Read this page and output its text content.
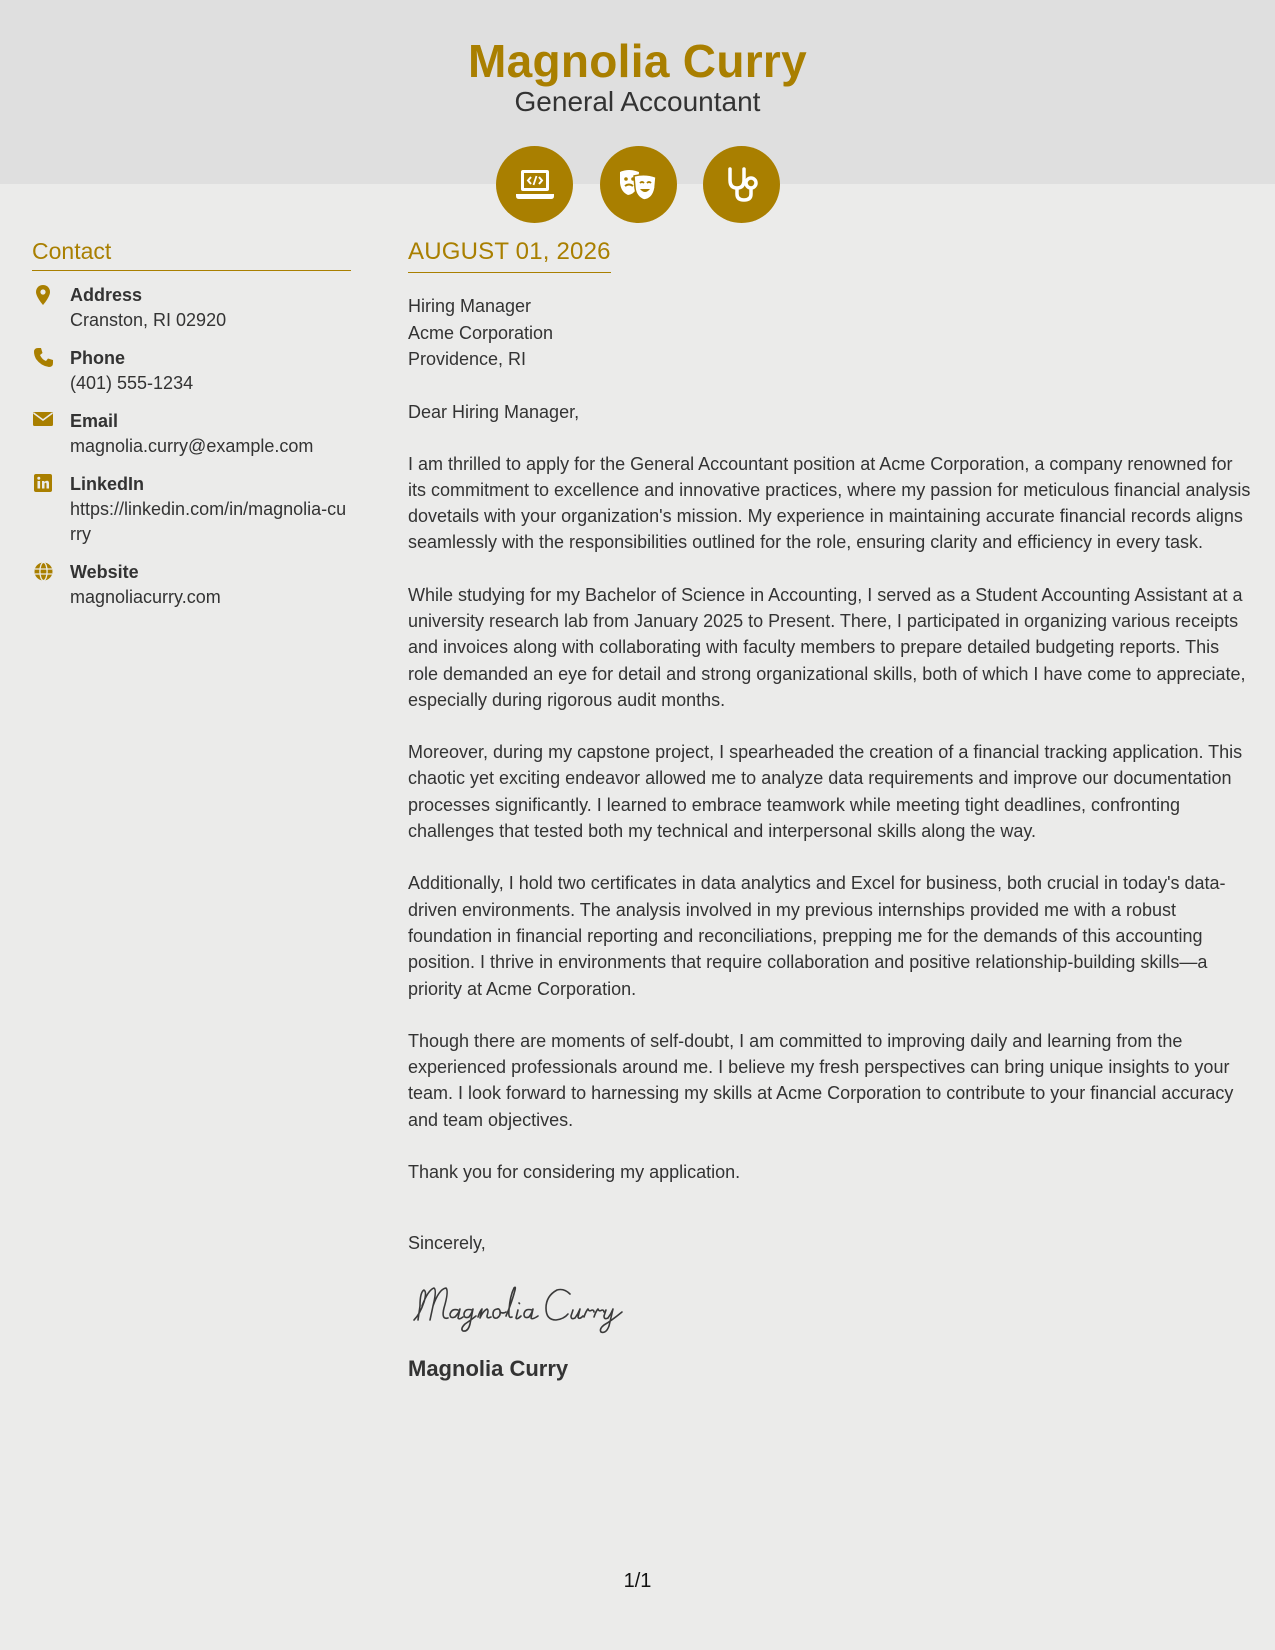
Magnolia Curry
General Accountant
Contact
Address
Cranston, RI 02920
Phone
(401) 555-1234
Email
magnolia.curry@example.com
LinkedIn
https://linkedin.com/in/magnolia-curry
Website
magnoliacurry.com
AUGUST 01, 2026
Hiring Manager
Acme Corporation
Providence, RI
Dear Hiring Manager,
I am thrilled to apply for the General Accountant position at Acme Corporation, a company renowned for its commitment to excellence and innovative practices, where my passion for meticulous financial analysis dovetails with your organization's mission. My experience in maintaining accurate financial records aligns seamlessly with the responsibilities outlined for the role, ensuring clarity and efficiency in every task.
While studying for my Bachelor of Science in Accounting, I served as a Student Accounting Assistant at a university research lab from January 2025 to Present. There, I participated in organizing various receipts and invoices along with collaborating with faculty members to prepare detailed budgeting reports. This role demanded an eye for detail and strong organizational skills, both of which I have come to appreciate, especially during rigorous audit months.
Moreover, during my capstone project, I spearheaded the creation of a financial tracking application. This chaotic yet exciting endeavor allowed me to analyze data requirements and improve our documentation processes significantly. I learned to embrace teamwork while meeting tight deadlines, confronting challenges that tested both my technical and interpersonal skills along the way.
Additionally, I hold two certificates in data analytics and Excel for business, both crucial in today's data-driven environments. The analysis involved in my previous internships provided me with a robust foundation in financial reporting and reconciliations, prepping me for the demands of this accounting position. I thrive in environments that require collaboration and positive relationship-building skills—a priority at Acme Corporation.
Though there are moments of self-doubt, I am committed to improving daily and learning from the experienced professionals around me. I believe my fresh perspectives can bring unique insights to your team. I look forward to harnessing my skills at Acme Corporation to contribute to your financial accuracy and team objectives.
Thank you for considering my application.
Sincerely,
Magnolia Curry
1/1
